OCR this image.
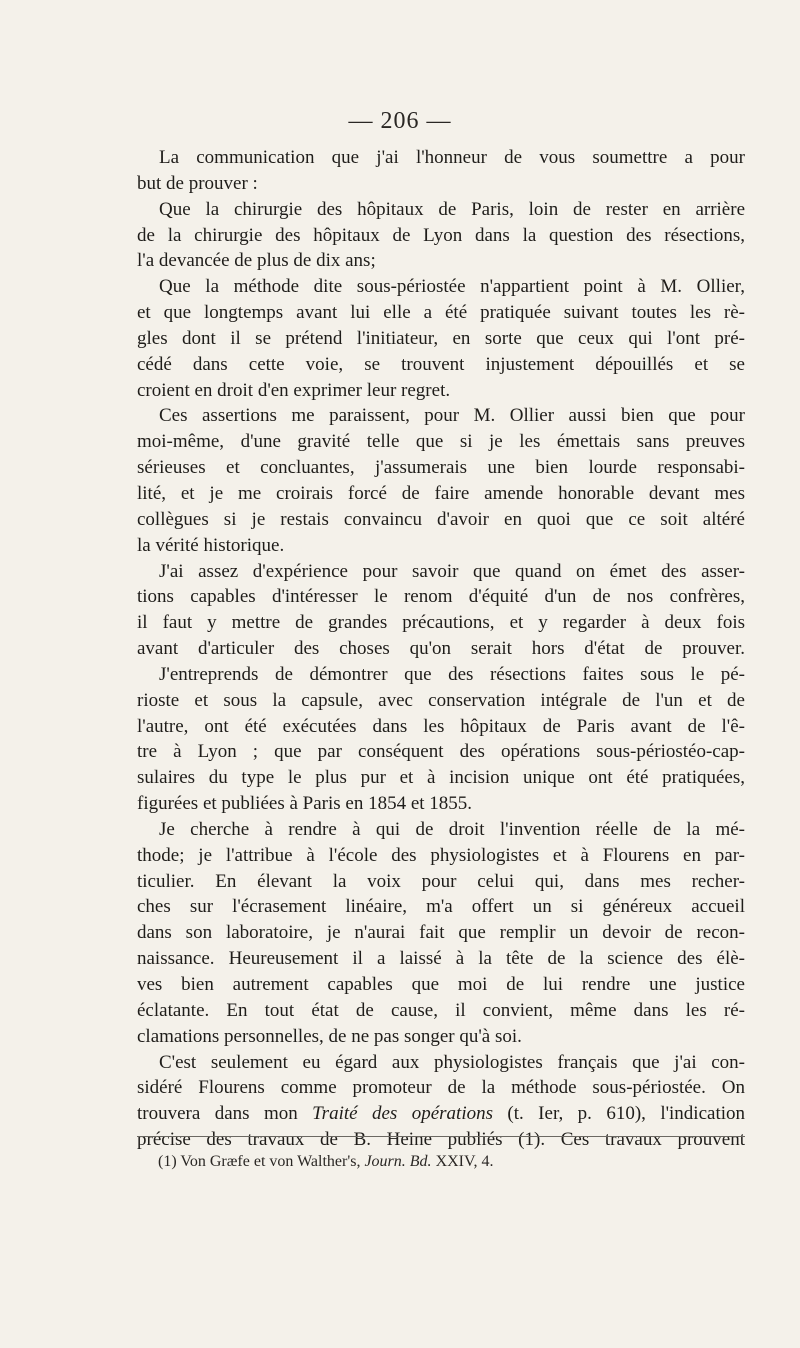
— 206 —
La communication que j'ai l'honneur de vous soumettre a pour
but de prouver :
Que la chirurgie des hôpitaux de Paris, loin de rester en arrière
de la chirurgie des hôpitaux de Lyon dans la question des résections,
l'a devancée de plus de dix ans;
Que la méthode dite sous-périostée n'appartient point à M. Ollier,
et que longtemps avant lui elle a été pratiquée suivant toutes les rè-
gles dont il se prétend l'initiateur, en sorte que ceux qui l'ont pré-
cédé dans cette voie, se trouvent injustement dépouillés et se
croient en droit d'en exprimer leur regret.
Ces assertions me paraissent, pour M. Ollier aussi bien que pour
moi-même, d'une gravité telle que si je les émettais sans preuves
sérieuses et concluantes, j'assumerais une bien lourde responsabi-
lité, et je me croirais forcé de faire amende honorable devant mes
collègues si je restais convaincu d'avoir en quoi que ce soit altéré
la vérité historique.
J'ai assez d'expérience pour savoir que quand on émet des asser-
tions capables d'intéresser le renom d'équité d'un de nos confrères,
il faut y mettre de grandes précautions, et y regarder à deux fois
avant d'articuler des choses qu'on serait hors d'état de prouver.
J'entreprends de démontrer que des résections faites sous le pé-
rioste et sous la capsule, avec conservation intégrale de l'un et de
l'autre, ont été exécutées dans les hôpitaux de Paris avant de l'ê-
tre à Lyon ; que par conséquent des opérations sous-périostéo-cap-
sulaires du type le plus pur et à incision unique ont été pratiquées,
figurées et publiées à Paris en 1854 et 1855.
Je cherche à rendre à qui de droit l'invention réelle de la mé-
thode; je l'attribue à l'école des physiologistes et à Flourens en par-
ticulier. En élevant la voix pour celui qui, dans mes recher-
ches sur l'écrasement linéaire, m'a offert un si généreux accueil
dans son laboratoire, je n'aurai fait que remplir un devoir de recon-
naissance. Heureusement il a laissé à la tête de la science des élè-
ves bien autrement capables que moi de lui rendre une justice
éclatante. En tout état de cause, il convient, même dans les ré-
clamations personnelles, de ne pas songer qu'à soi.
C'est seulement eu égard aux physiologistes français que j'ai con-
sidéré Flourens comme promoteur de la méthode sous-périostée. On
trouvera dans mon Traité des opérations (t. Ier, p. 610), l'indication
précise des travaux de B. Heine publiés (1). Ces travaux prouvent
(1) Von Græfe et von Walther's, Journ. Bd. XXIV, 4.
